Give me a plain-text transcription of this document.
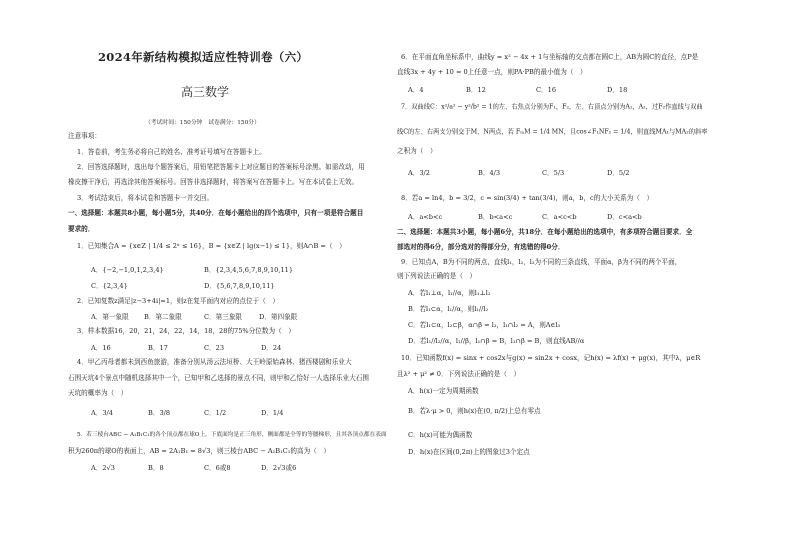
2024年新结构模拟适应性特训卷（六）
高三数学
（考试时间：150分钟　试卷满分：150分）
注意事项：
1．答卷前，考生务必将自己的姓名、准考证号填写在答题卡上。
2．回答选择题时，选出每个题答案后，用铅笔把答题卡上对应题目的答案标号涂黑。如需改动，用
橡皮擦干净后，再选涂其他答案标号。回答非选择题时，将答案写在答题卡上。写在本试卷上无效。
3．考试结束后，将本试卷和答题卡一并交回。
一、选择题：本题共8小题，每小题5分，共40分．在每小题给出的四个选项中，只有一项是符合题目
要求的．
1．已知集合A = {x∈Z | 1/4 ≤ 2ˣ ≤ 16}，B = {x∈Z | lg(x−1) ≤ 1}，则A∩B =（　）
A．{−2,−1,0,1,2,3,4}	B．{2,3,4,5,6,7,8,9,10,11}
C．{2,3,4}	D．{5,6,7,8,9,10,11}
2．已知复数z满足|z−3+4i|=1，则z在复平面内对应的点位于（　）
A．第一象限 B．第二象限	C．第三象限	D．第四象限
3．样本数据16，20，21，24，22，14，18，28的75%分位数为（　）
A．16	B．17	C．23	D．24
4．甲乙丙母者都未到西鱼旅游，准备分别从汤云法垣桥、大王岭原始森林、猪西楼剧和乐业大
石围天坑4个景点中随机选择其中一个，已知甲和乙选择的景点不同，则甲和乙恰好一人选择乐业大石围
天坑的概率为（　）
A．3/4	B．3/8	C．1/2	D．1/4
5．若三棱台ABC − A₁B₁C₁的各个顶点都在球O上，下底面均是正三角形，侧面都是全等的等腰梯形，且其各顶点都在表面
积为260π的球O的表面上，AB = 2A₁B₁ = 8√3，则三棱台ABC − A₁B₁C₁的高为（　）
A．2√3	B．8	C．6或8	D．2√3或6
6．在平面直角坐标系中，曲线y = x² − 4x + 1与坐标轴的交点都在圆C上，AB为圆C的直径，点P是
直线3x + 4y + 10 = 0上任意一点，则PA·PB的最小值为（　）
A．4	B．12	C．16	D．18
7．双曲线C：x²/a² − y²/b² = 1的左、右焦点分别为F₁，F₂，左、右顶点分别为A₁，A₂，过F₂作直线与双曲
线C的左、右两支分别交于M，N两点，若 FₘM = 1/4 MN，且cos∠F₁NF₂ = 1/4，则直线MA₁与MA₂的斜率
之积为（　）
A．3/2	B．4/3	C．5/3	D．5/2
8．若a = ln4，b = 3/2，c = sin(3/4) + tan(3/4)，则a，b，c的大小关系为（　）
A．a<b<c	B．b<a<c	C．a<c<b	D．c<a<b
二、选择题：本题共3小题，每小题6分，共18分．在每小题给出的选项中，有多项符合题目要求．全
部选对的得6分，部分选对的得部分分，有选错的得0分．
9．已知点A，B为不同的两点，直线l₁，l₂，l₃为不同的三条直线，平面α，β为不同的两个平面，
则下列说法正确的是（　）
A．若l₁⊥α，l₁//α，则l₁⊥l₂
B．若l₁⊂α，l₁//α，则l₁//l₂
C．若l₁⊂α，l₂⊂β，α∩β = l₃，l₁∩l₂ = A，则A∈l₃
D．若l₁//l₂//α，l₁//β，l₁∩β = B，l₁∩β = B，则直线AB//α
10．已知函数f(x) = sinx + cos2x与g(x) = sin2x + cosx，记h(x) = λf(x) + μg(x)，其中λ，μ∈R
且λ² + μ² ≠ 0．下列说法正确的是（　）
A．h(x)一定为周期函数
B．若λ·μ > 0，则h(x)在(0, π/2)上总有零点
C．h(x)可能为偶函数
D．h(x)在区间(0,2π)上的图象过3个定点
